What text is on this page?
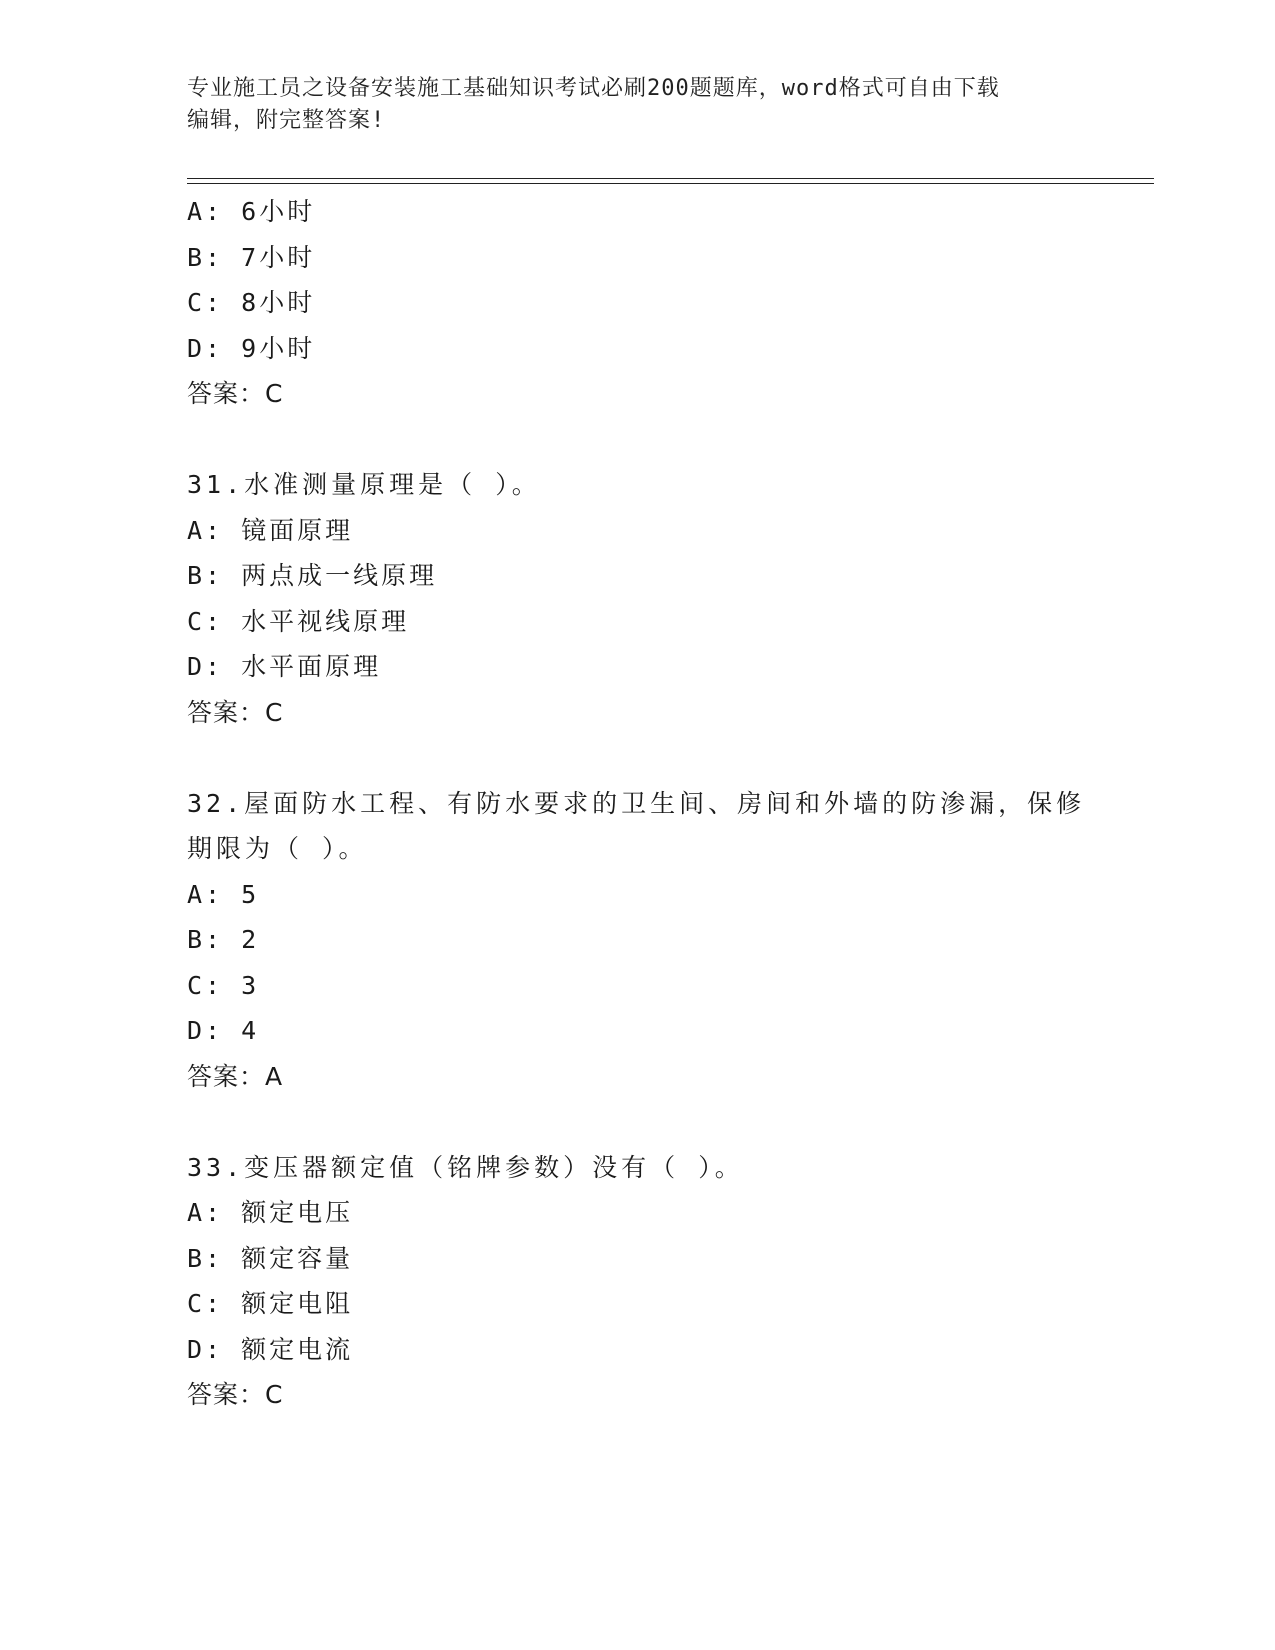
专业施工员之设备安装施工基础知识考试必刷200题题库，word格式可自由下载
编辑，附完整答案!
A: 6小时
B: 7小时
C: 8小时
D: 9小时
答案：C
31.水准测量原理是（ ）。
A: 镜面原理
B: 两点成一线原理
C: 水平视线原理
D: 水平面原理
答案：C
32.屋面防水工程、有防水要求的卫生间、房间和外墙的防渗漏，保修
期限为（ ）。
A: 5
B: 2
C: 3
D: 4
答案：A
33.变压器额定值（铭牌参数）没有（ ）。
A: 额定电压
B: 额定容量
C: 额定电阻
D: 额定电流
答案：C
